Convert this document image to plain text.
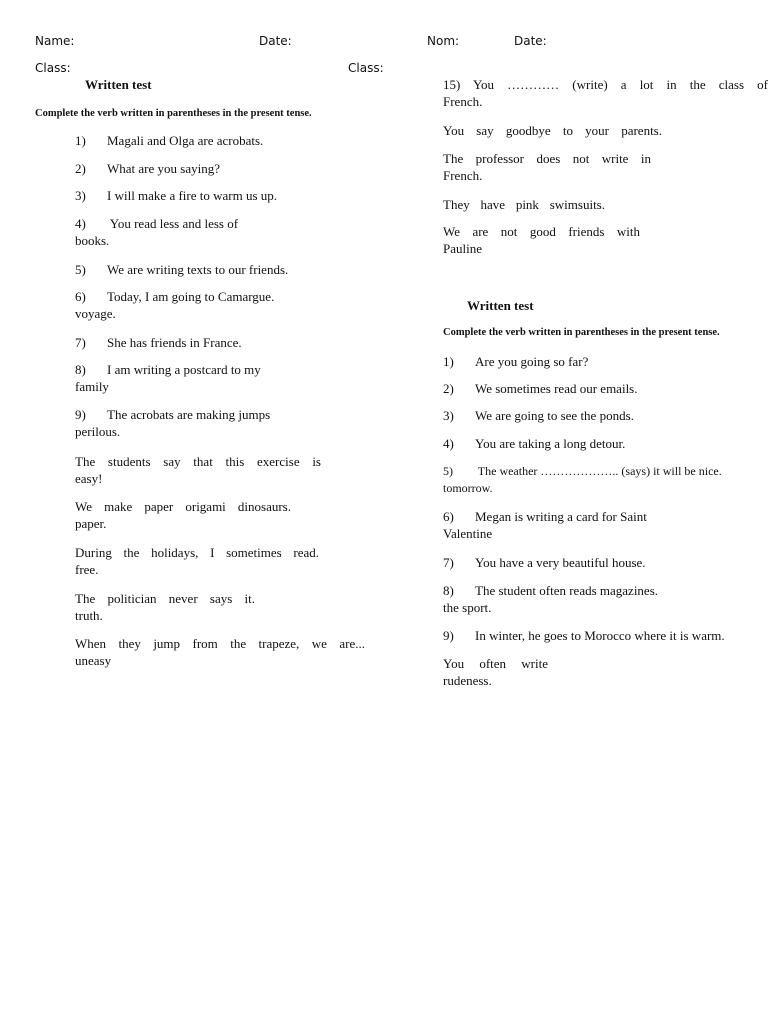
Name:	Date:
Class:	Class:
Nom:	Date:
Written test
Complete the verb written in parentheses in the present tense.
1) Magali and Olga are acrobats.
2) What are you saying?
3) I will make a fire to warm us up.
4) You read less and less of
books.
5) We are writing texts to our friends.
6) Today, I am going to Camargue.
voyage.
7) She has friends in France.
8) I am writing a postcard to my
family
9) The acrobats are making jumps
perilous.
The students say that this exercise is
easy!
We make paper origami dinosaurs.
paper.
During the holidays, I sometimes read.
free.
The politician never says it.
truth.
When they jump from the trapeze, we are...
uneasy
15) You ………… (write) a lot in the class of
French.
You say goodbye to your parents.
The professor does not write in
French.
They have pink swimsuits.
We are not good friends with
Pauline
Written test
Complete the verb written in parentheses in the present tense.
1) Are you going so far?
2) We sometimes read our emails.
3) We are going to see the ponds.
4) You are taking a long detour.
5) The weather ……………….. (says) it will be nice.
tomorrow.
6) Megan is writing a card for Saint
Valentine
7) You have a very beautiful house.
8) The student often reads magazines.
the sport.
9) In winter, he goes to Morocco where it is warm.
You often write
rudeness.
